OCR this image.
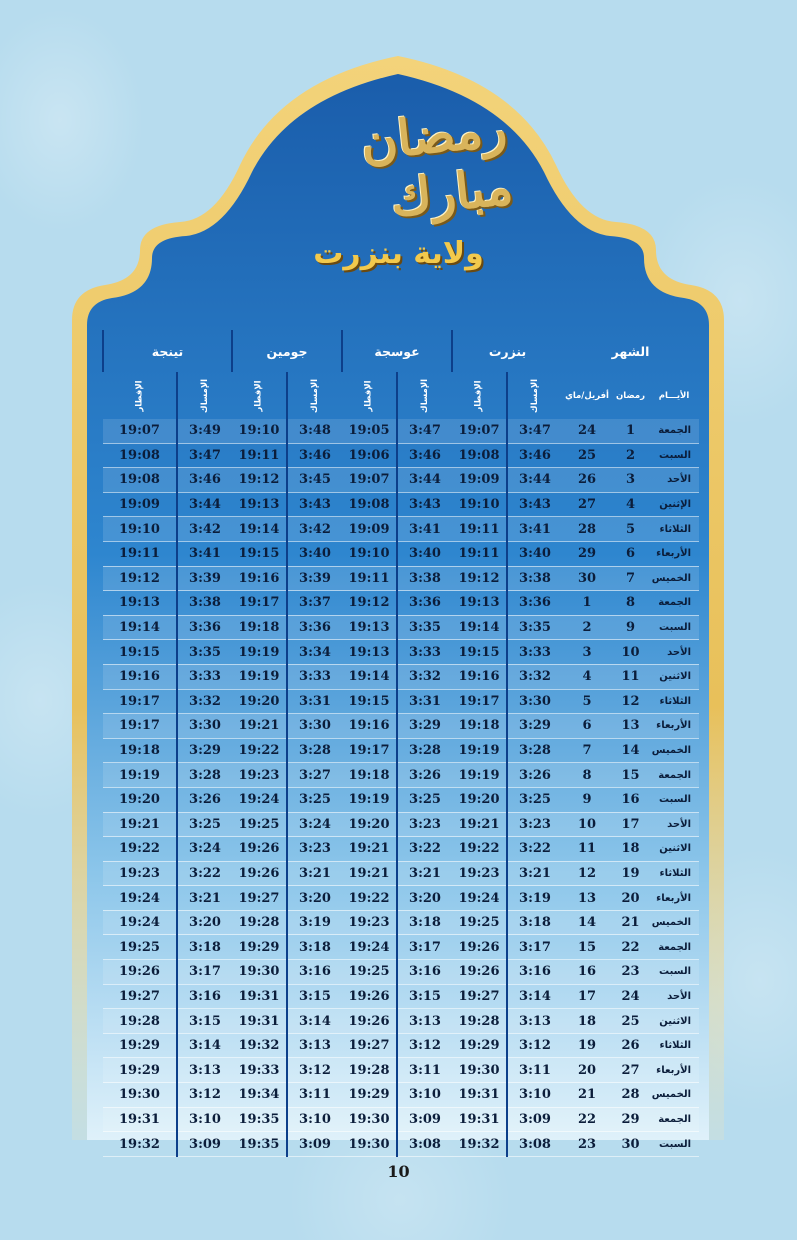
رمضان مبارك
ولاية بنزرت
الشهر			بنزرت		عوسجة		جومين		تينجة	
الأيـــام	رمضان	أفريل/ماي	الإمساك	الإفطار	الإمساك	الإفطار	الإمساك	الإفطار	الإمساك	الإفطار
الجمعة	1	24	3:47	19:07	3:47	19:05	3:48	19:10	3:49	19:07
السبت	2	25	3:46	19:08	3:46	19:06	3:46	19:11	3:47	19:08
الأحد	3	26	3:44	19:09	3:44	19:07	3:45	19:12	3:46	19:08
الإثنين	4	27	3:43	19:10	3:43	19:08	3:43	19:13	3:44	19:09
الثلاثاء	5	28	3:41	19:11	3:41	19:09	3:42	19:14	3:42	19:10
الأربعاء	6	29	3:40	19:11	3:40	19:10	3:40	19:15	3:41	19:11
الخميس	7	30	3:38	19:12	3:38	19:11	3:39	19:16	3:39	19:12
الجمعة	8	1	3:36	19:13	3:36	19:12	3:37	19:17	3:38	19:13
السبت	9	2	3:35	19:14	3:35	19:13	3:36	19:18	3:36	19:14
الأحد	10	3	3:33	19:15	3:33	19:13	3:34	19:19	3:35	19:15
الاثنين	11	4	3:32	19:16	3:32	19:14	3:33	19:19	3:33	19:16
الثلاثاء	12	5	3:30	19:17	3:31	19:15	3:31	19:20	3:32	19:17
الأربعاء	13	6	3:29	19:18	3:29	19:16	3:30	19:21	3:30	19:17
الخميس	14	7	3:28	19:19	3:28	19:17	3:28	19:22	3:29	19:18
الجمعة	15	8	3:26	19:19	3:26	19:18	3:27	19:23	3:28	19:19
السبت	16	9	3:25	19:20	3:25	19:19	3:25	19:24	3:26	19:20
الأحد	17	10	3:23	19:21	3:23	19:20	3:24	19:25	3:25	19:21
الاثنين	18	11	3:22	19:22	3:22	19:21	3:23	19:26	3:24	19:22
الثلاثاء	19	12	3:21	19:23	3:21	19:21	3:21	19:26	3:22	19:23
الأربعاء	20	13	3:19	19:24	3:20	19:22	3:20	19:27	3:21	19:24
الخميس	21	14	3:18	19:25	3:18	19:23	3:19	19:28	3:20	19:24
الجمعة	22	15	3:17	19:26	3:17	19:24	3:18	19:29	3:18	19:25
السبت	23	16	3:16	19:26	3:16	19:25	3:16	19:30	3:17	19:26
الأحد	24	17	3:14	19:27	3:15	19:26	3:15	19:31	3:16	19:27
الاثنين	25	18	3:13	19:28	3:13	19:26	3:14	19:31	3:15	19:28
الثلاثاء	26	19	3:12	19:29	3:12	19:27	3:13	19:32	3:14	19:29
الأربعاء	27	20	3:11	19:30	3:11	19:28	3:12	19:33	3:13	19:29
الخميس	28	21	3:10	19:31	3:10	19:29	3:11	19:34	3:12	19:30
الجمعة	29	22	3:09	19:31	3:09	19:30	3:10	19:35	3:10	19:31
السبت	30	23	3:08	19:32	3:08	19:30	3:09	19:35	3:09	19:32
10
